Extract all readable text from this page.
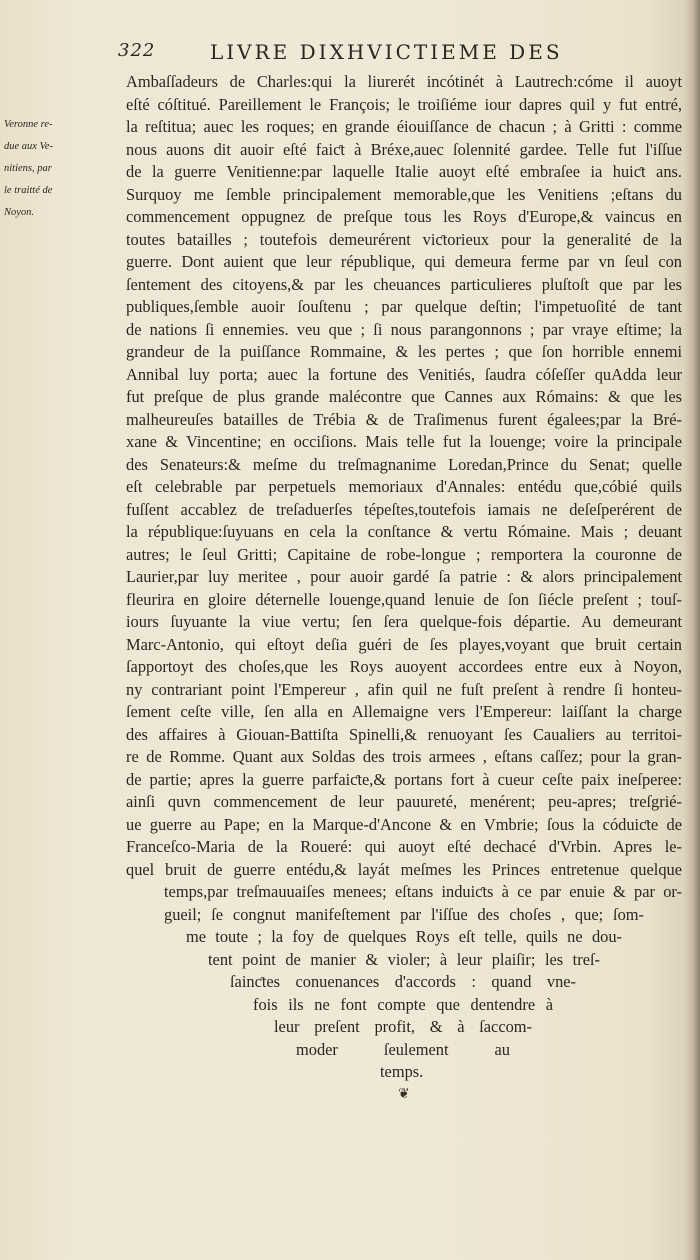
322	LIVRE DIXHVICTIEME DES
Veronne re-
due aux Ve-
nitiens, par
le traitté de
Noyon.
Ambaſſadeurs de Charles:qui la liurerét incótinét à Lautrech:cóme il auoyt
eſté cóſtitué. Pareillement le François; le troiſiéme iour dapres quil y fut entré,
la reſtitua; auec les roques; en grande éiouiſſance de chacun ; à Gritti : comme
nous auons dit auoir eſté faiƈt à Bréxe,auec ſolennité gardee. Telle fut l'iſſue
de la guerre Venitienne:par laquelle Italie auoyt eſté embraſee ia huiƈt ans.
Surquoy me ſemble principalement memorable,que les Venitiens ;eſtans du
commencement oppugnez de preſque tous les Roys d'Europe,& vaincus en
toutes batailles ; toutefois demeurérent viƈtorieux pour la generalité de la
guerre. Dont auient que leur république, qui demeura ferme par vn ſeul con
ſentement des citoyens,& par les cheuances particulieres pluſtoſt que par les
publiques,ſemble auoir ſouſtenu ; par quelque deſtin; l'impetuoſité de tant
de nations ſi ennemies. veu que ; ſi nous parangonnons ; par vraye eſtime; la
grandeur de la puiſſance Rommaine, & les pertes ; que ſon horrible ennemi
Annibal luy porta; auec la fortune des Venitiés, ſaudra cóſeſſer quAdda leur
fut preſque de plus grande malécontre que Cannes aux Rómains: & que les
malheureuſes batailles de Trébia & de Traſimenus furent égalees;par la Bré-
xane & Vincentine; en occiſions. Mais telle fut la louenge; voire la principale
des Senateurs:& meſme du treſmagnanime Loredan,Prince du Senat; quelle
eſt celebrable par perpetuels memoriaux d'Annales: entédu que,cóbié quils
fuſſent accablez de treſaduerſes tépeſtes,toutefois iamais ne deſeſperérent de
la république:ſuyuans en cela la conſtance & vertu Rómaine. Mais ; deuant
autres; le ſeul Gritti; Capitaine de robe-longue ; remportera la couronne de
Laurier,par luy meritee , pour auoir gardé ſa patrie : & alors principalement
fleurira en gloire déternelle louenge,quand lenuie de ſon ſiécle preſent ; touſ-
iours ſuyuante la viue vertu; ſen ſera quelque-fois départie. Au demeurant
Marc-Antonio, qui eſtoyt deſia guéri de ſes playes,voyant que bruit certain
ſapportoyt des choſes,que les Roys auoyent accordees entre eux à Noyon,
ny contrariant point l'Empereur , afin quil ne fuſt preſent à rendre ſi honteu-
ſement ceſte ville, ſen alla en Allemaigne vers l'Empereur: laiſſant la charge
des affaires à Giouan-Battiſta Spinelli,& renuoyant ſes Caualiers au territoi-
re de Romme. Quant aux Soldas des trois armees , eſtans caſſez; pour la gran-
de partie; apres la guerre parfaiƈte,& portans fort à cueur ceſte paix ineſperee:
ainſi quvn commencement de leur pauureté, menérent; peu-apres; treſgrié-
ue guerre au Pape; en la Marque-d'Ancone & en Vmbrie; ſous la códuiƈte de
Franceſco-Maria de la Roueré: qui auoyt eſté dechacé d'Vrbin. Apres le-
quel bruit de guerre entédu,& layát meſmes les Princes entretenue quelque
temps,par treſmauuaiſes menees; eſtans induiƈts à ce par enuie & par or-
gueil; ſe congnut manifeſtement par l'iſſue des choſes , que; ſom-
me toute ; la foy de quelques Roys eſt telle, quils ne dou-
tent point de manier & violer; à leur plaiſir; les treſ-
ſainƈtes conuenances d'accords : quand vne-
fois ils ne font compte que dentendre à
leur preſent profit, & à ſaccom-
moder ſeulement au
temps.
❦
